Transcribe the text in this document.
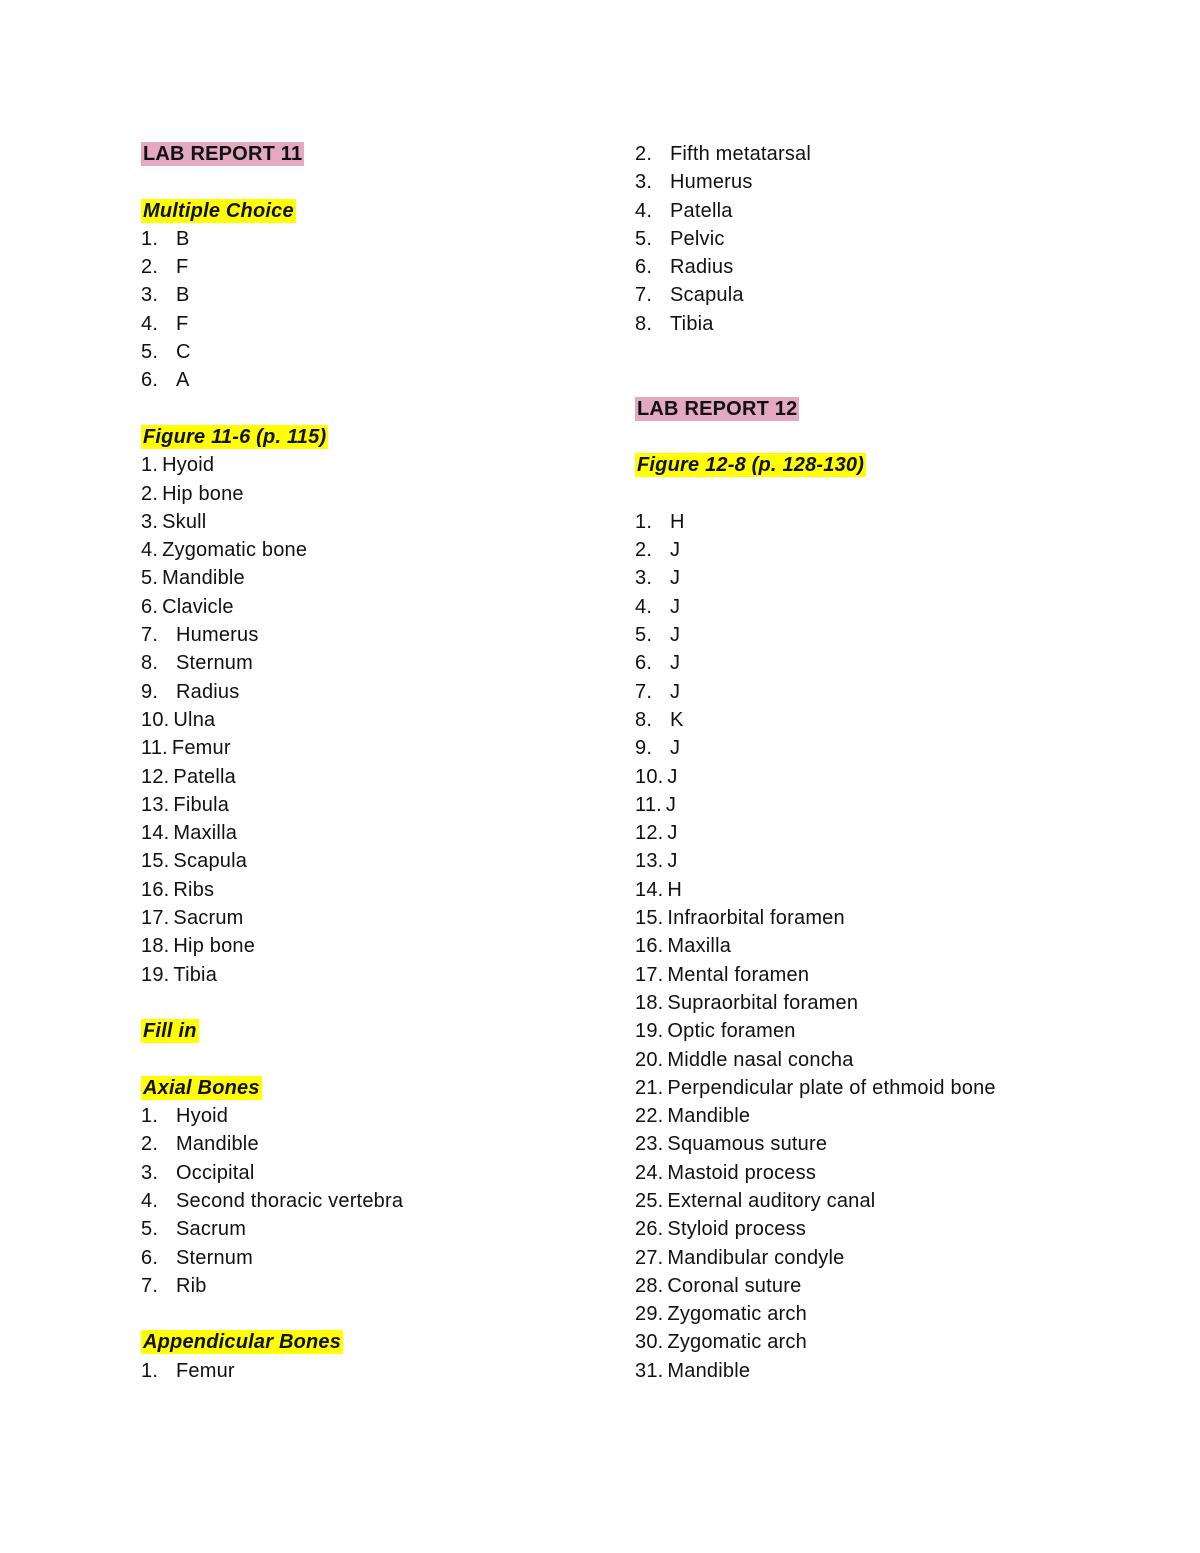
LAB REPORT 11
Multiple Choice
1. B
2. F
3. B
4. F
5. C
6. A
Figure 11-6 (p. 115)
1. Hyoid
2. Hip bone
3. Skull
4. Zygomatic bone
5. Mandible
6. Clavicle
7. Humerus
8. Sternum
9. Radius
10. Ulna
11. Femur
12. Patella
13. Fibula
14. Maxilla
15. Scapula
16. Ribs
17. Sacrum
18. Hip bone
19. Tibia
Fill in
Axial Bones
1. Hyoid
2. Mandible
3. Occipital
4. Second thoracic vertebra
5. Sacrum
6. Sternum
7. Rib
Appendicular Bones
1. Femur
2. Fifth metatarsal
3. Humerus
4. Patella
5. Pelvic
6. Radius
7. Scapula
8. Tibia
LAB REPORT 12
Figure 12-8 (p. 128-130)
1. H
2. J
3. J
4. J
5. J
6. J
7. J
8. K
9. J
10. J
11. J
12. J
13. J
14. H
15. Infraorbital foramen
16. Maxilla
17. Mental foramen
18. Supraorbital foramen
19. Optic foramen
20. Middle nasal concha
21. Perpendicular plate of ethmoid bone
22. Mandible
23. Squamous suture
24. Mastoid process
25. External auditory canal
26. Styloid process
27. Mandibular condyle
28. Coronal suture
29. Zygomatic arch
30. Zygomatic arch
31. Mandible
